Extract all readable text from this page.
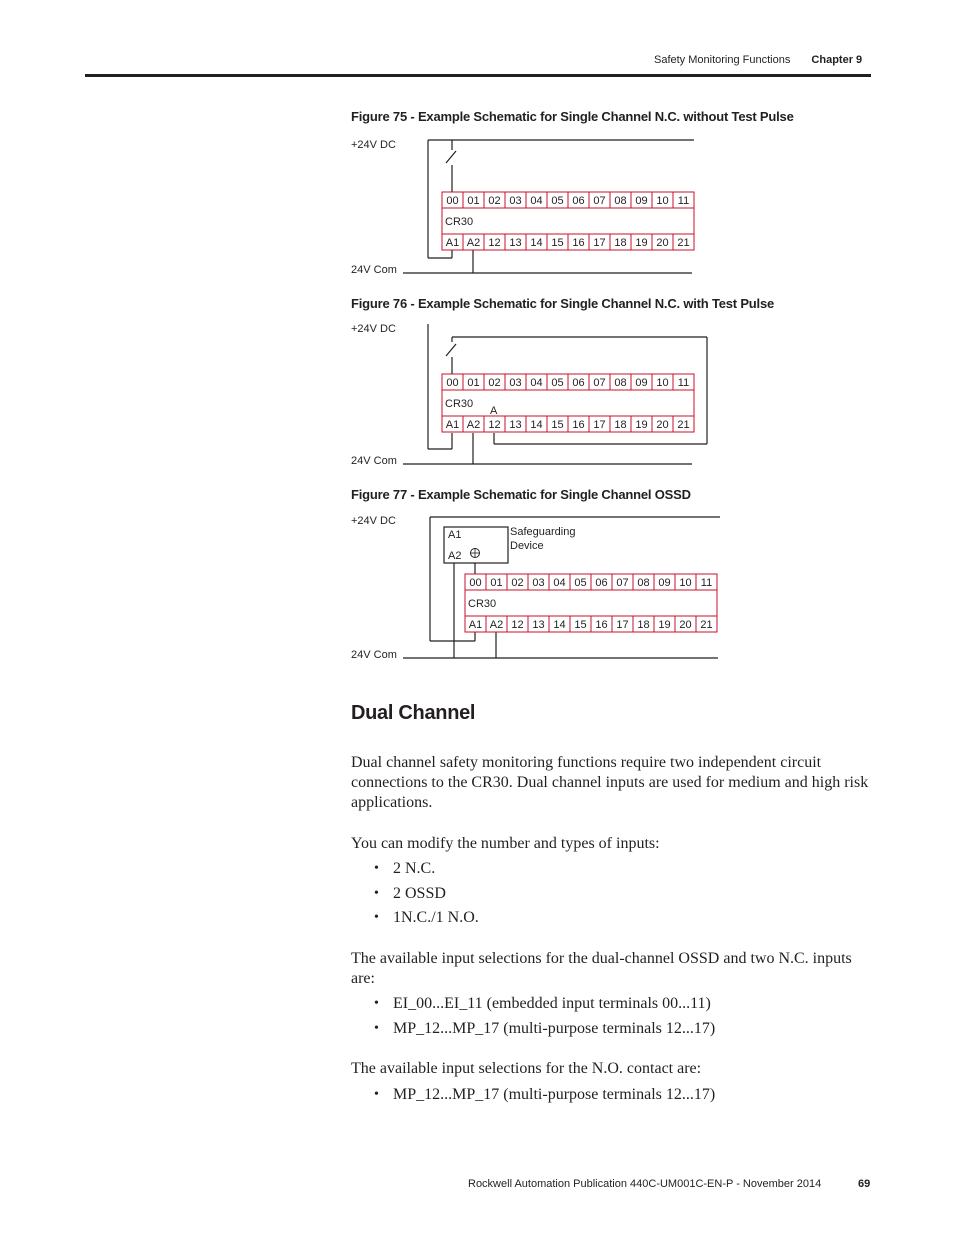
Safety Monitoring Functions Chapter 9
Figure 75 - Example Schematic for Single Channel N.C. without Test Pulse
+24V DC
24V Com
CR30
00 01 02 03 04 05 06 07 08 09 10 11
A1 A2 12 13 14 15 16 17 18 19 20 21
Figure 76 - Example Schematic for Single Channel N.C. with Test Pulse
+24V DC
24V Com
CR30
00 01 02 03 04 05 06 07 08 09 10 11
A1 A2 12 13 14 15 16 17 18 19 20 21
A
Figure 77 - Example Schematic for Single Channel OSSD
+24V DC
24V Com
A1
A2
Safeguarding
Device
CR30
00 01 02 03 04 05 06 07 08 09 10 11
A1 A2 12 13 14 15 16 17 18 19 20 21
Dual Channel

Dual channel safety monitoring functions require two independent circuit connections to the CR30. Dual channel inputs are used for medium and high risk applications.

You can modify the number and types of inputs:

• 2 N.C.
• 2 OSSD
• 1N.C./1 N.O.

The available input selections for the dual-channel OSSD and two N.C. inputs are:

• EI_00...EI_11 (embedded input terminals 00...11)
• MP_12...MP_17 (multi-purpose terminals 12...17)

The available input selections for the N.O. contact are:

• MP_12...MP_17 (multi-purpose terminals 12...17)
Rockwell Automation Publication 440C-UM001C-EN-P - November 2014	69
